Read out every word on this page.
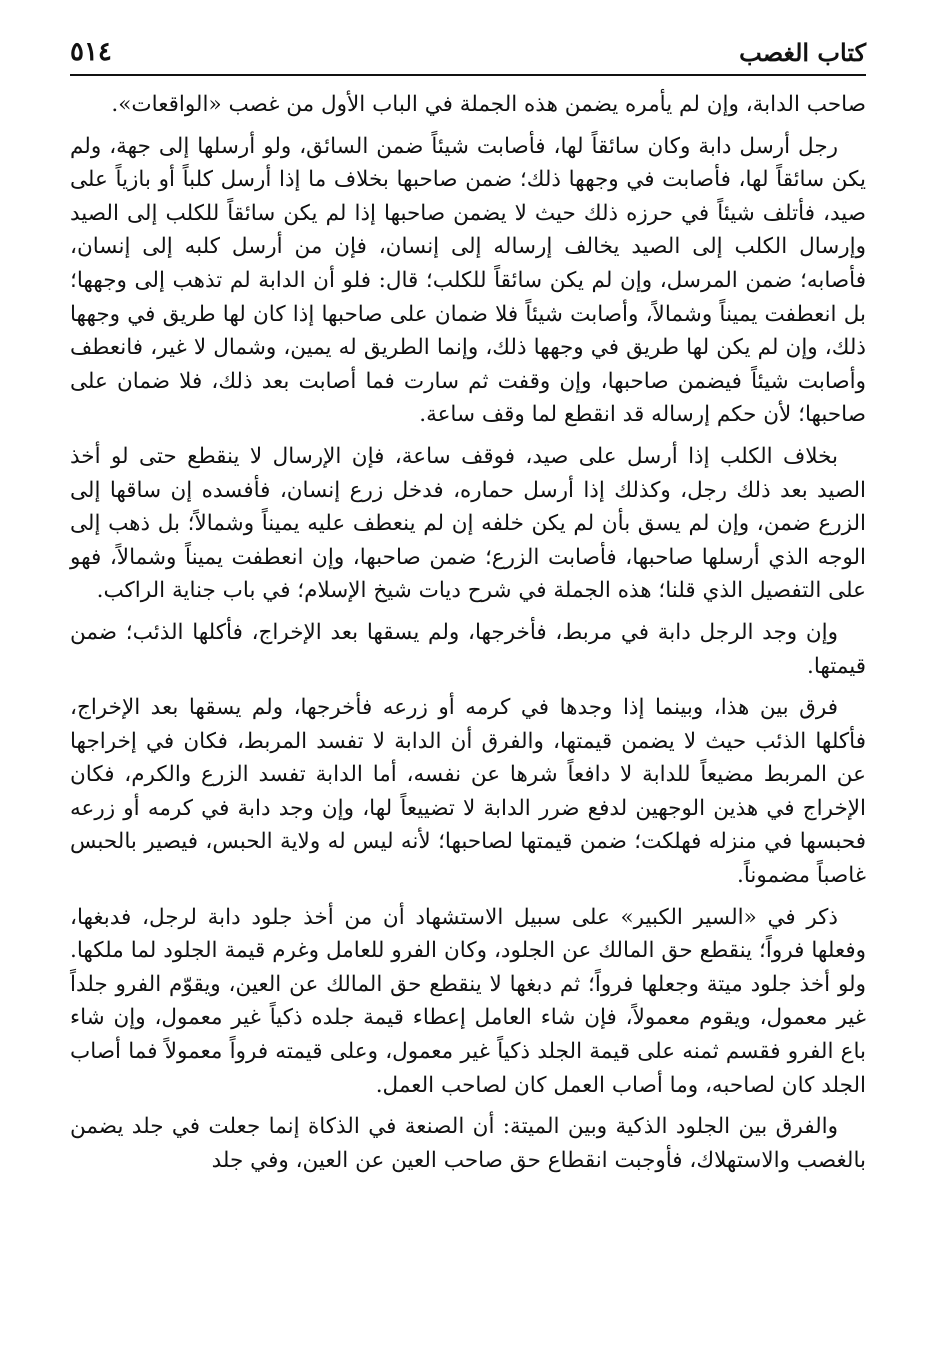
كتاب الغصب
٥١٤

صاحب الدابة، وإن لم يأمره يضمن هذه الجملة في الباب الأول من غصب «الواقعات».

رجل أرسل دابة وكان سائقاً لها، فأصابت شيئاً ضمن السائق، ولو أرسلها إلى جهة، ولم يكن سائقاً لها، فأصابت في وجهها ذلك؛ ضمن صاحبها بخلاف ما إذا أرسل كلباً أو بازياً على صيد، فأتلف شيئاً في حرزه ذلك حيث لا يضمن صاحبها إذا لم يكن سائقاً للكلب إلى الصيد وإرسال الكلب إلى الصيد يخالف إرساله إلى إنسان، فإن من أرسل كلبه إلى إنسان، فأصابه؛ ضمن المرسل، وإن لم يكن سائقاً للكلب؛ قال: فلو أن الدابة لم تذهب إلى وجهها؛ بل انعطفت يميناً وشمالاً، وأصابت شيئاً فلا ضمان على صاحبها إذا كان لها طريق في وجهها ذلك، وإن لم يكن لها طريق في وجهها ذلك، وإنما الطريق له يمين، وشمال لا غير، فانعطف وأصابت شيئاً فيضمن صاحبها، وإن وقفت ثم سارت فما أصابت بعد ذلك، فلا ضمان على صاحبها؛ لأن حكم إرساله قد انقطع لما وقف ساعة.

بخلاف الكلب إذا أرسل على صيد، فوقف ساعة، فإن الإرسال لا ينقطع حتى لو أخذ الصيد بعد ذلك رجل، وكذلك إذا أرسل حماره، فدخل زرع إنسان، فأفسده إن ساقها إلى الزرع ضمن، وإن لم يسق بأن لم يكن خلفه إن لم ينعطف عليه يميناً وشمالاً؛ بل ذهب إلى الوجه الذي أرسلها صاحبها، فأصابت الزرع؛ ضمن صاحبها، وإن انعطفت يميناً وشمالاً، فهو على التفصيل الذي قلنا؛ هذه الجملة في شرح ديات شيخ الإسلام؛ في باب جناية الراكب.

وإن وجد الرجل دابة في مربط، فأخرجها، ولم يسقها بعد الإخراج، فأكلها الذئب؛ ضمن قيمتها.

فرق بين هذا، وبينما إذا وجدها في كرمه أو زرعه فأخرجها، ولم يسقها بعد الإخراج، فأكلها الذئب حيث لا يضمن قيمتها، والفرق أن الدابة لا تفسد المربط، فكان في إخراجها عن المربط مضيعاً للدابة لا دافعاً شرها عن نفسه، أما الدابة تفسد الزرع والكرم، فكان الإخراج في هذين الوجهين لدفع ضرر الدابة لا تضييعاً لها، وإن وجد دابة في كرمه أو زرعه فحبسها في منزله فهلكت؛ ضمن قيمتها لصاحبها؛ لأنه ليس له ولاية الحبس، فيصير بالحبس غاصباً مضموناً.

ذكر في «السير الكبير» على سبيل الاستشهاد أن من أخذ جلود دابة لرجل، فدبغها، وفعلها فرواً؛ ينقطع حق المالك عن الجلود، وكان الفرو للعامل وغرم قيمة الجلود لما ملكها. ولو أخذ جلود ميتة وجعلها فرواً؛ ثم دبغها لا ينقطع حق المالك عن العين، ويقوّم الفرو جلداً غير معمول، ويقوم معمولاً، فإن شاء العامل إعطاء قيمة جلده ذكياً غير معمول، وإن شاء باع الفرو فقسم ثمنه على قيمة الجلد ذكياً غير معمول، وعلى قيمته فرواً معمولاً فما أصاب الجلد كان لصاحبه، وما أصاب العمل كان لصاحب العمل.

والفرق بين الجلود الذكية وبين الميتة: أن الصنعة في الذكاة إنما جعلت في جلد يضمن بالغصب والاستهلاك، فأوجبت انقطاع حق صاحب العين عن العين، وفي جلد
